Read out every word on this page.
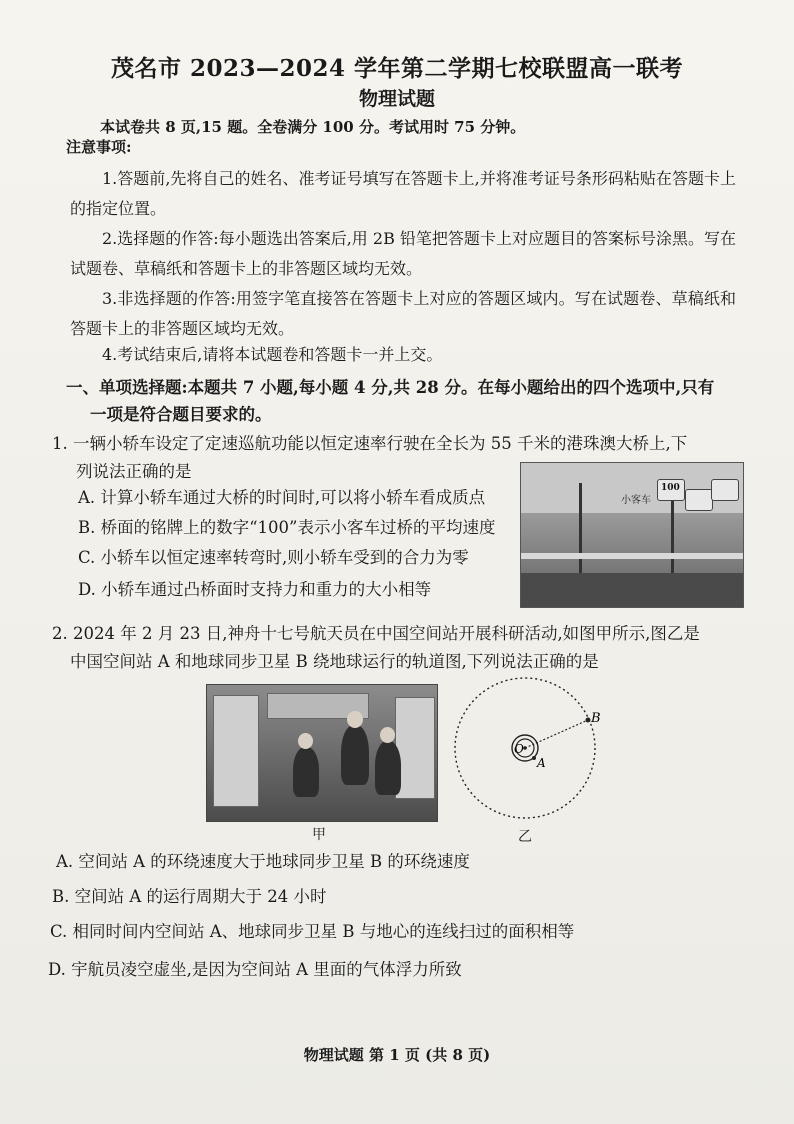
茂名市 2023—2024 学年第二学期七校联盟高一联考
物理试题
本试卷共 8 页,15 题。全卷满分 100 分。考试用时 75 分钟。
注意事项:
1.答题前,先将自己的姓名、准考证号填写在答题卡上,并将准考证号条形码粘贴在答题卡上的指定位置。
2.选择题的作答:每小题选出答案后,用 2B 铅笔把答题卡上对应题目的答案标号涂黑。写在试题卷、草稿纸和答题卡上的非答题区域均无效。
3.非选择题的作答:用签字笔直接答在答题卡上对应的答题区域内。写在试题卷、草稿纸和答题卡上的非答题区域均无效。
4.考试结束后,请将本试题卷和答题卡一并上交。
一、单项选择题:本题共 7 小题,每小题 4 分,共 28 分。在每小题给出的四个选项中,只有
一项是符合题目要求的。
1. 一辆小轿车设定了定速巡航功能以恒定速率行驶在全长为 55 千米的港珠澳大桥上,下
列说法正确的是
A. 计算小轿车通过大桥的时间时,可以将小轿车看成质点
B. 桥面的铭牌上的数字“100”表示小客车过桥的平均速度
C. 小轿车以恒定速率转弯时,则小轿车受到的合力为零
D. 小轿车通过凸桥面时支持力和重力的大小相等
小客车
100
2. 2024 年 2 月 23 日,神舟十七号航天员在中国空间站开展科研活动,如图甲所示,图乙是
中国空间站 A 和地球同步卫星 B 绕地球运行的轨道图,下列说法正确的是
甲
O
A
B
乙
A. 空间站 A 的环绕速度大于地球同步卫星 B 的环绕速度
B. 空间站 A 的运行周期大于 24 小时
C. 相同时间内空间站 A、地球同步卫星 B 与地心的连线扫过的面积相等
D. 宇航员凌空虚坐,是因为空间站 A 里面的气体浮力所致
物理试题 第 1 页 (共 8 页)
